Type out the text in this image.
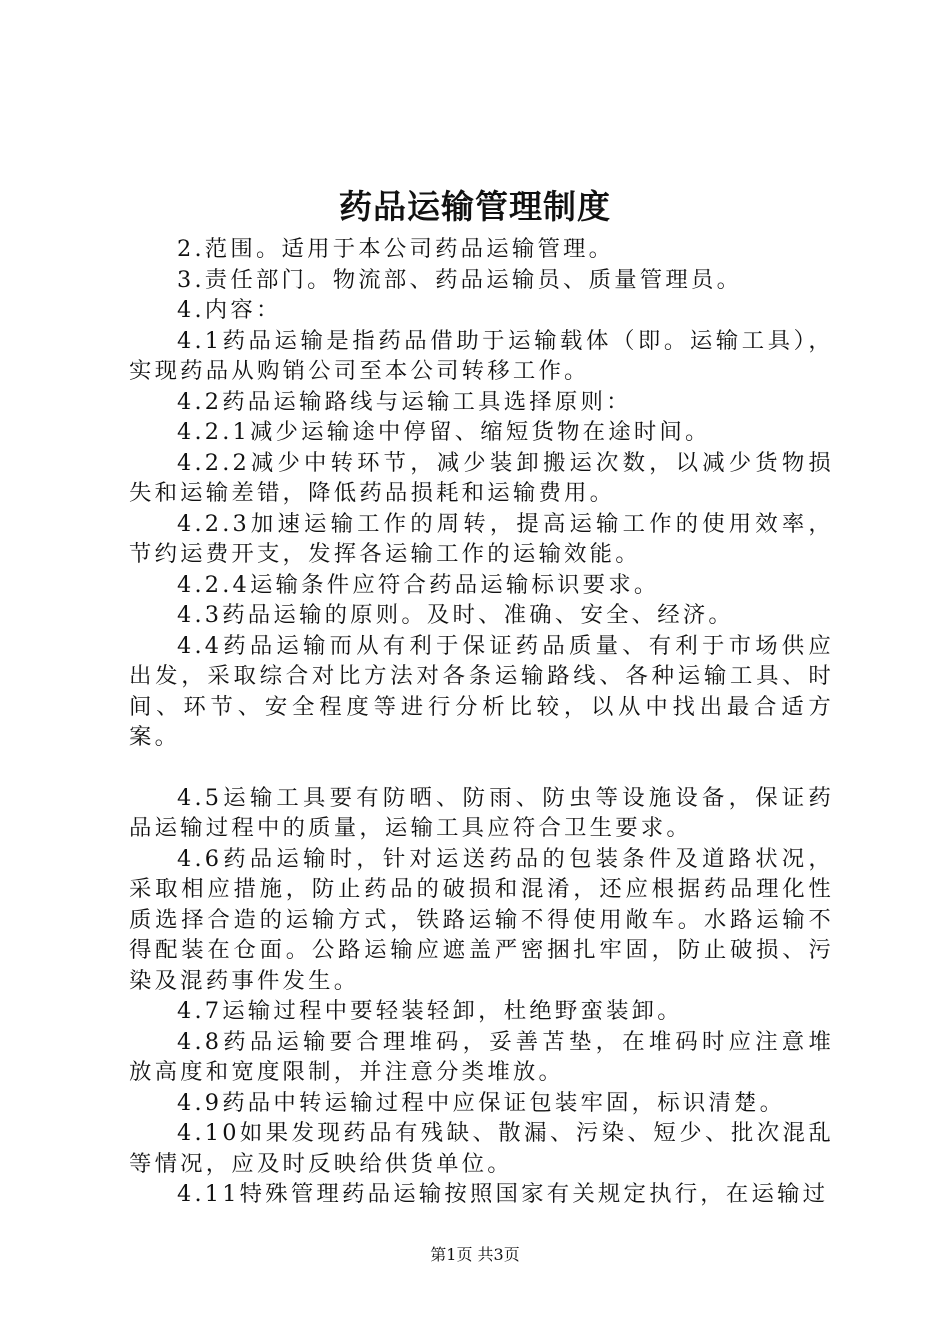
药品运输管理制度

2.范围。适用于本公司药品运输管理。

3.责任部门。物流部、药品运输员、质量管理员。

4.内容：

4.1药品运输是指药品借助于运输载体（即。运输工具），实现药品从购销公司至本公司转移工作。

4.2药品运输路线与运输工具选择原则：

4.2.1减少运输途中停留、缩短货物在途时间。

4.2.2减少中转环节，减少装卸搬运次数，以减少货物损失和运输差错，降低药品损耗和运输费用。

4.2.3加速运输工作的周转，提高运输工作的使用效率，节约运费开支，发挥各运输工作的运输效能。

4.2.4运输条件应符合药品运输标识要求。

4.3药品运输的原则。及时、准确、安全、经济。

4.4药品运输而从有利于保证药品质量、有利于市场供应出发，采取综合对比方法对各条运输路线、各种运输工具、时间、环节、安全程度等进行分析比较，以从中找出最合适方案。

4.5运输工具要有防晒、防雨、防虫等设施设备，保证药品运输过程中的质量，运输工具应符合卫生要求。

4.6药品运输时，针对运送药品的包装条件及道路状况，采取相应措施，防止药品的破损和混淆，还应根据药品理化性质选择合造的运输方式，铁路运输不得使用敞车。水路运输不得配装在仓面。公路运输应遮盖严密捆扎牢固，防止破损、污染及混药事件发生。

4.7运输过程中要轻装轻卸，杜绝野蛮装卸。

4.8药品运输要合理堆码，妥善苫垫，在堆码时应注意堆放高度和宽度限制，并注意分类堆放。

4.9药品中转运输过程中应保证包装牢固，标识清楚。

4.10如果发现药品有残缺、散漏、污染、短少、批次混乱等情况，应及时反映给供货单位。

4.11特殊管理药品运输按照国家有关规定执行，在运输过

第1页 共3页
